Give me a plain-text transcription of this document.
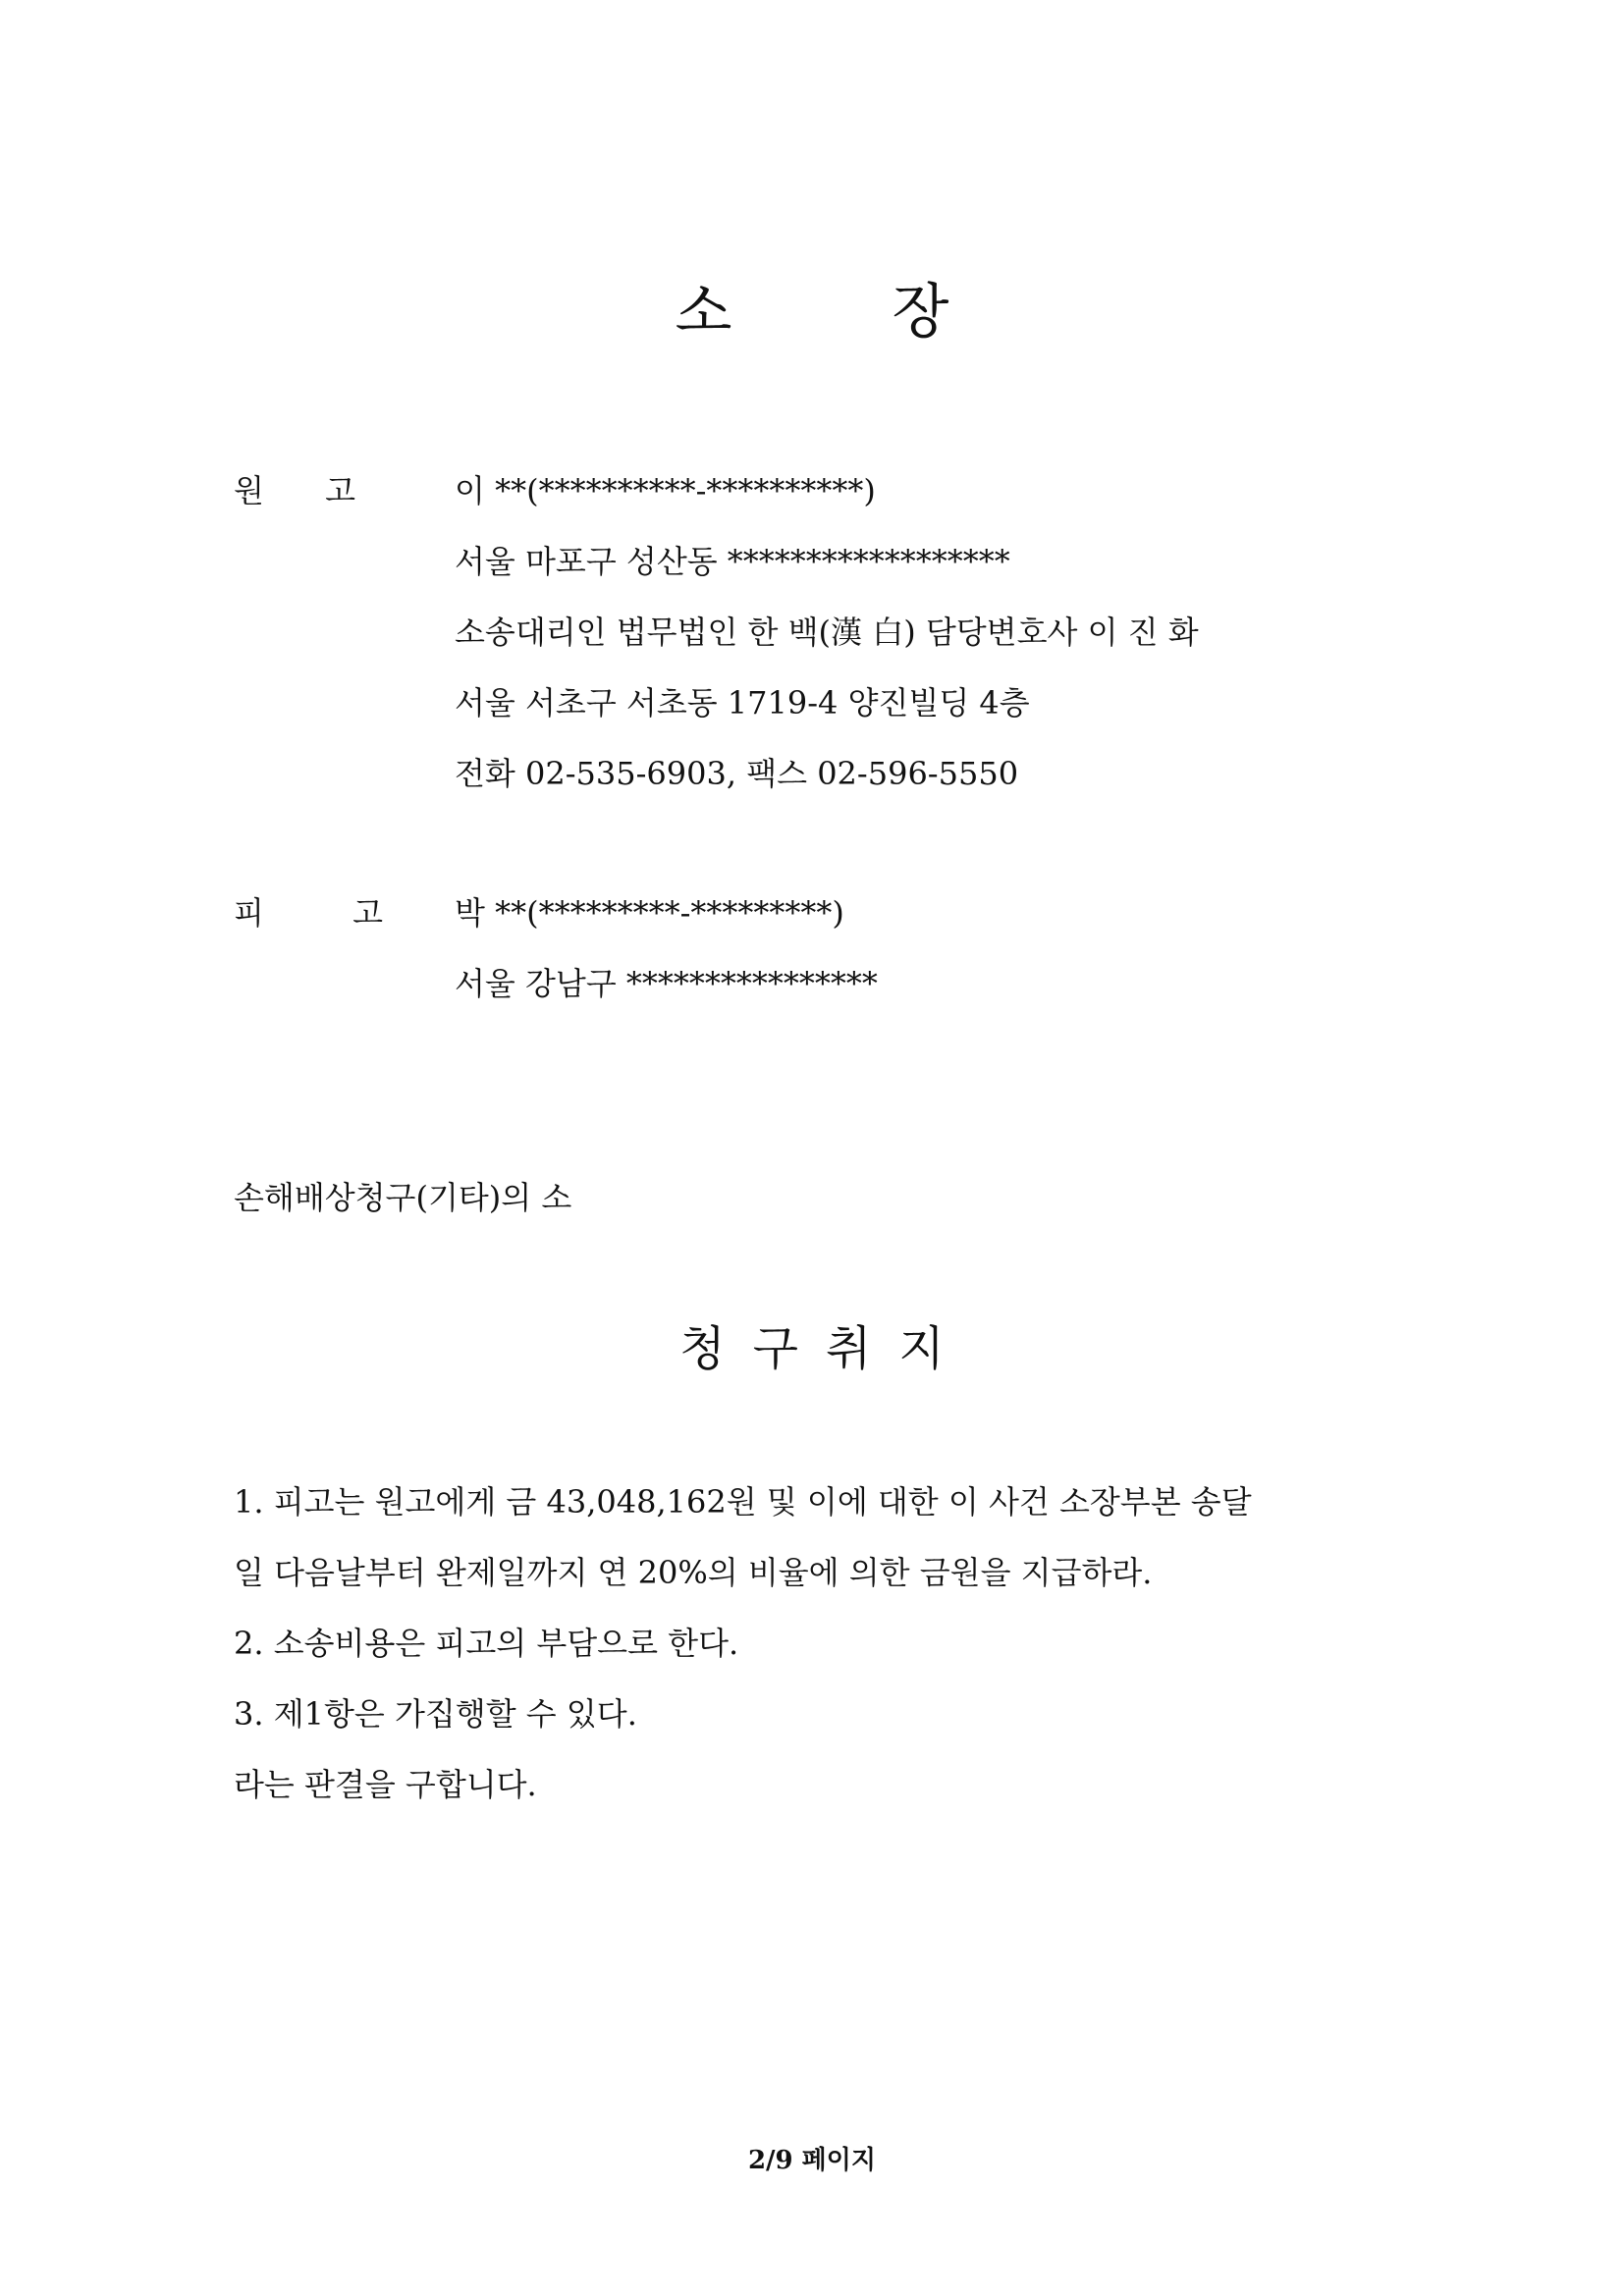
소 장
원 고	이 **(**********-**********)
서울 마포구 성산동 ******************
소송대리인 법무법인 한 백(漢 白) 담당변호사 이 진 화
서울 서초구 서초동 1719-4 양진빌딩 4층
전화 02-535-6903, 팩스 02-596-5550
피	고	박 **(*********-*********)
서울 강남구 ****************
손해배상청구(기타)의 소
청구취지
1. 피고는 원고에게 금 43,048,162원 및 이에 대한 이 사건 소장부본 송달
일 다음날부터 완제일까지 연 20%의 비율에 의한 금원을 지급하라.
2. 소송비용은 피고의 부담으로 한다.
3. 제1항은 가집행할 수 있다.
라는 판결을 구합니다.
2/9 페이지
